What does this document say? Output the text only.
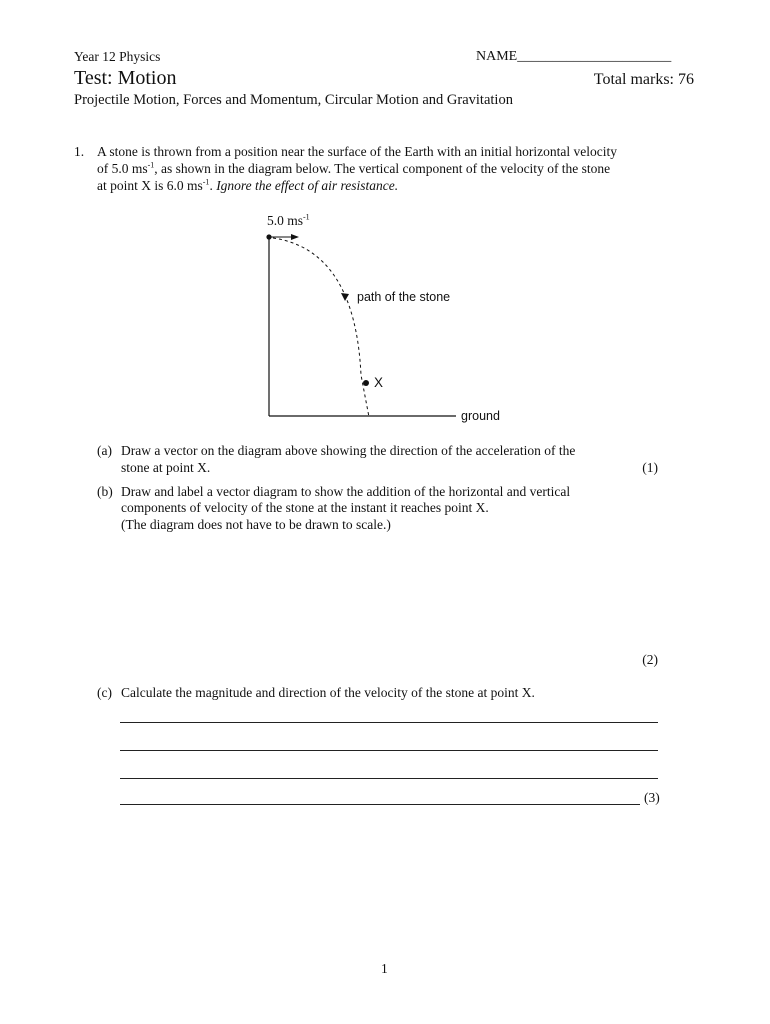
Year 12 Physics	NAME______________________
Test: Motion	Total marks: 76
Projectile Motion, Forces and Momentum, Circular Motion and Gravitation
1. A stone is thrown from a position near the surface of the Earth with an initial horizontal velocity
of 5.0 $ms^{-1}$, as shown in the diagram below. The vertical component of the velocity of the stone
at point X is 6.0 $ms^{-1}$. Ignore the effect of air resistance.
5.0 $ms^{-1}$
path of the stone
X
ground
(a) Draw a vector on the diagram above showing the direction of the acceleration of the
stone at point X.	(1)
(b) Draw and label a vector diagram to show the addition of the horizontal and vertical
components of velocity of the stone at the instant it reaches point X.
(The diagram does not have to be drawn to scale.)
(2)
(c) Calculate the magnitude and direction of the velocity of the stone at point X.
(3)
1
